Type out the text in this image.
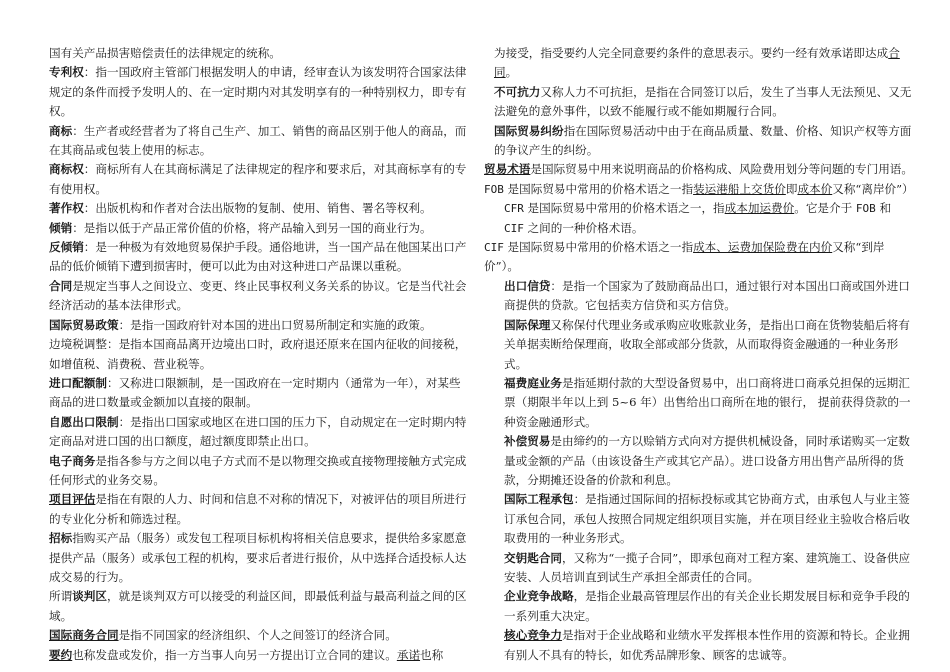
国有关产品损害赔偿责任的法律规定的统称。

专利权：指一国政府主管部门根据发明人的申请，经审查认为该发明符合国家法律规定的条件而授予发明人的、在一定时期内对其发明享有的一种特别权力，即专有权。

商标：生产者或经营者为了将自己生产、加工、销售的商品区别于他人的商品，而在其商品或包装上使用的标志。

商标权：商标所有人在其商标满足了法律规定的程序和要求后，对其商标享有的专有使用权。

著作权：出版机构和作者对合法出版物的复制、使用、销售、署名等权利。

倾销：是指以低于产品正常价值的价格，将产品输入到另一国的商业行为。

反倾销：是一种极为有效地贸易保护手段。通俗地讲，当一国产品在他国某出口产品的低价倾销下遭到损害时，便可以此为由对这种进口产品课以重税。

合同是规定当事人之间设立、变更、终止民事权利义务关系的协议。它是当代社会经济活动的基本法律形式。

国际贸易政策：是指一国政府针对本国的进出口贸易所制定和实施的政策。

边境税调整：是指本国商品离开边境出口时，政府退还原来在国内征收的间接税，如增值税、消费税、营业税等。

进口配额制：又称进口限额制，是一国政府在一定时期内（通常为一年），对某些商品的进口数量或金额加以直接的限制。

自愿出口限制：是指出口国家或地区在进口国的压力下，自动规定在一定时期内特定商品对进口国的出口额度，超过额度即禁止出口。

电子商务是指各参与方之间以电子方式而不是以物理交换或直接物理接触方式完成任何形式的业务交易。

项目评估是指在有限的人力、时间和信息不对称的情况下，对被评估的项目所进行的专业化分析和筛选过程。

招标指购买产品（服务）或发包工程项目标机构将相关信息要求，提供给多家愿意提供产品（服务）或承包工程的机构，要求后者进行报价，从中选择合适投标人达成交易的行为。

所谓谈判区，就是谈判双方可以接受的利益区间，即最低利益与最高利益之间的区域。

国际商务合同是指不同国家的经济组织、个人之间签订的经济合同。

要约也称发盘或发价，指一方当事人向另一方提出订立合同的建议。承诺也称

为接受，指受要约人完全同意要约条件的意思表示。要约一经有效承诺即达成合同。

不可抗力又称人力不可抗拒，是指在合同签订以后，发生了当事人无法预见、又无法避免的意外事件，以致不能履行或不能如期履行合同。

国际贸易纠纷指在国际贸易活动中由于在商品质量、数量、价格、知识产权等方面的争议产生的纠纷。

贸易术语是国际贸易中用来说明商品的价格构成、风险费用划分等问题的专门用语。

FOB 是国际贸易中常用的价格术语之一指装运港船上交货价即成本价又称“离岸价”）

CFR 是国际贸易中常用的价格术语之一，指成本加运费价。它是介于 FOB 和 CIF 之间的一种价格术语。

CIF 是国际贸易中常用的价格术语之一指成本、运费加保险费在内价又称“到岸价”）。

出口信贷：是指一个国家为了鼓励商品出口，通过银行对本国出口商或国外进口商提供的贷款。它包括卖方信贷和买方信贷。

国际保理又称保付代理业务或承购应收账款业务，是指出口商在货物装船后将有关单据卖断给保理商，收取全部或部分货款，从而取得资金融通的一种业务形式。

福费庭业务是指延期付款的大型设备贸易中，出口商将进口商承兑担保的远期汇票（期限半年以上到 5~6 年）出售给出口商所在地的银行， 提前获得贷款的一种资金融通形式。

补偿贸易是由缔约的一方以赊销方式向对方提供机械设备，同时承诺购买一定数量或金额的产品（由该设备生产或其它产品）。进口设备方用出售产品所得的货款，分期摊还设备的价款和利息。

国际工程承包：是指通过国际间的招标投标或其它协商方式，由承包人与业主签订承包合同，承包人按照合同规定组织项目实施，并在项目经业主验收合格后收取费用的一种业务形式。

交钥匙合同，又称为“一揽子合同”，即承包商对工程方案、建筑施工、设备供应安装、人员培训直到试生产承担全部责任的合同。

企业竞争战略，是指企业最高管理层作出的有关企业长期发展目标和竞争手段的一系列重大决定。

核心竞争力是指对于企业战略和业绩水平发挥根本性作用的资源和特长。企业拥有别人不具有的特长，如优秀品牌形象、顾客的忠诚等。
